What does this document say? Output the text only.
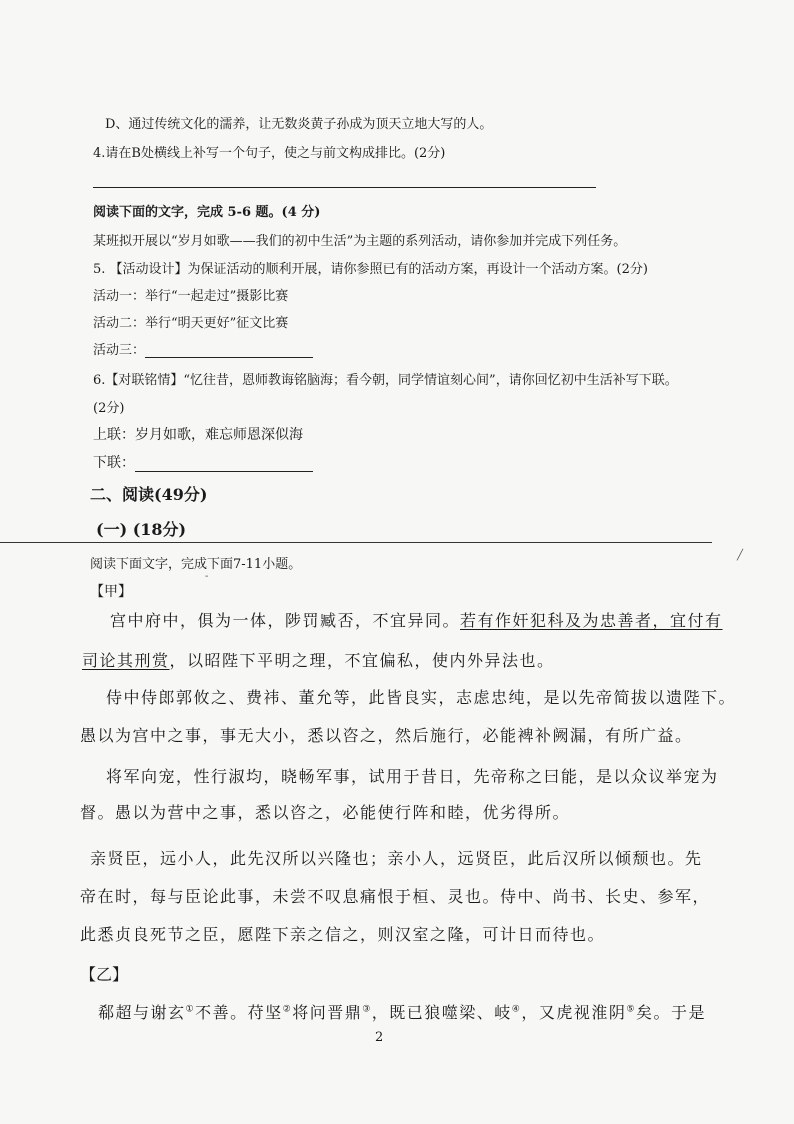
D、通过传统文化的濡养，让无数炎黄子孙成为顶天立地大写的人。
4.请在B处横线上补写一个句子，使之与前文构成排比。(2分)
阅读下面的文字，完成 5-6 题。(4 分)
某班拟开展以“岁月如歌——我们的初中生活”为主题的系列活动，请你参加并完成下列任务。
5. 【活动设计】为保证活动的顺利开展，请你参照已有的活动方案，再设计一个活动方案。(2分)
活动一：举行“一起走过”摄影比赛
活动二：举行“明天更好”征文比赛
活动三：
6.【对联铭情】“忆往昔，恩师教诲铭脑海；看今朝，同学情谊刻心间”，请你回忆初中生活补写下联。
(2分)
上联：岁月如歌，难忘师恩深似海
下联：
二、阅读(49分)
(一) (18分)
阅读下面文字，完成下面7-11小题。
【甲】
宫中府中，俱为一体，陟罚臧否，不宜异同。若有作奸犯科及为忠善者，宜付有
司论其刑赏，以昭陛下平明之理，不宜偏私，使内外异法也。
侍中侍郎郭攸之、费祎、董允等，此皆良实，志虑忠纯，是以先帝简拔以遗陛下。
愚以为宫中之事，事无大小，悉以咨之，然后施行，必能裨补阙漏，有所广益。
将军向宠，性行淑均，晓畅军事，试用于昔日，先帝称之曰能，是以众议举宠为
督。愚以为营中之事，悉以咨之，必能使行阵和睦，优劣得所。
亲贤臣，远小人，此先汉所以兴隆也；亲小人，远贤臣，此后汉所以倾颓也。先
帝在时，每与臣论此事，未尝不叹息痛恨于桓、灵也。侍中、尚书、长史、参军，
此悉贞良死节之臣，愿陛下亲之信之，则汉室之隆，可计日而待也。
【乙】
郗超与谢玄①不善。苻坚②将问晋鼎③，既已狼噬梁、岐④，又虎视淮阴⑤矣。于是
2
╱
-
